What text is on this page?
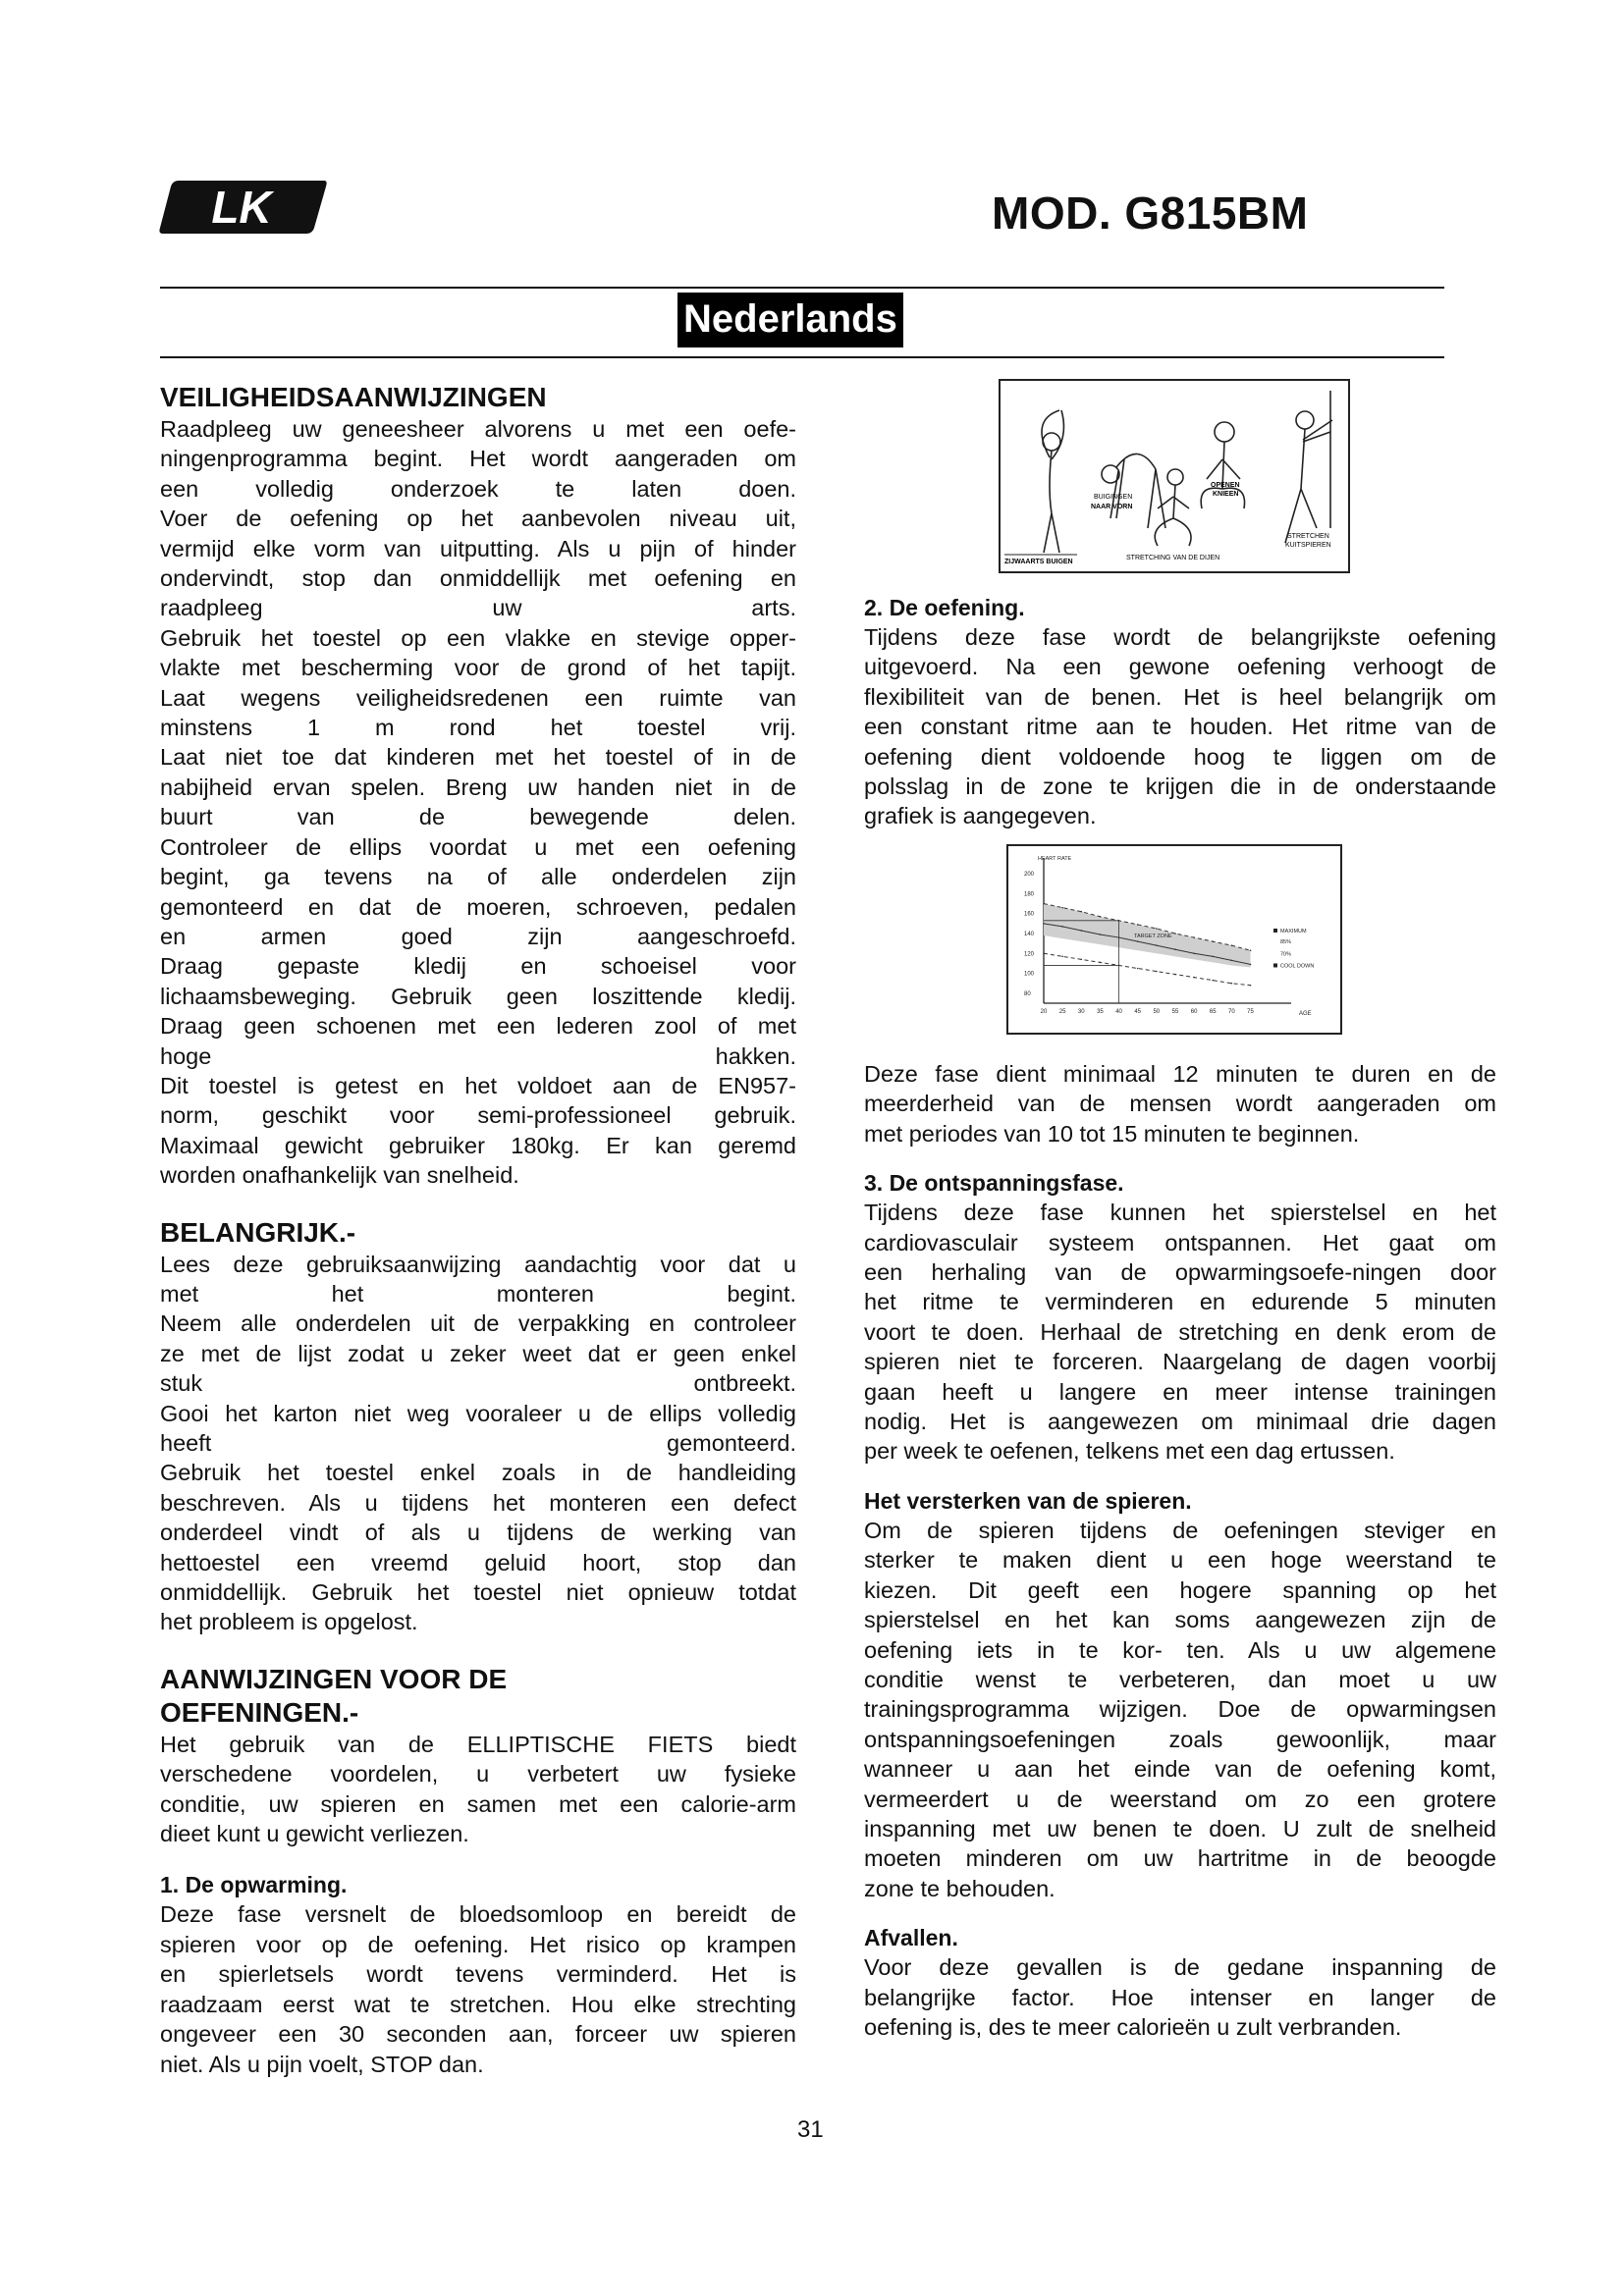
LK	MOD. G815BM
Nederlands

VEILIGHEIDSAANWIJZINGEN

Raadpleeg uw geneesheer alvorens u met een oefe-

ningenprogramma begint. Het wordt aangeraden om

een volledig onderzoek te laten doen.

Voer de oefening op het aanbevolen niveau uit,

vermijd elke vorm van uitputting. Als u pijn of hinder

ondervindt, stop dan onmiddellijk met oefening en

raadpleeg uw arts.

Gebruik het toestel op een vlakke en stevige opper-

vlakte met bescherming voor de grond of het tapijt.

Laat wegens veiligheidsredenen een ruimte van

minstens 1 m rond het toestel vrij.

Laat niet toe dat kinderen met het toestel of in de

nabijheid ervan spelen. Breng uw handen niet in de

buurt van de bewegende delen.

Controleer de ellips voordat u met een oefening

begint, ga tevens na of alle onderdelen zijn

gemonteerd en dat de moeren, schroeven, pedalen

en armen goed zijn aangeschroefd.

Draag gepaste kledij en schoeisel voor

lichaamsbeweging. Gebruik geen loszittende kledij.

Draag geen schoenen met een lederen zool of met

hoge hakken.

Dit toestel is getest en het voldoet aan de EN957-

norm, geschikt voor semi-professioneel gebruik.

Maximaal gewicht gebruiker 180kg. Er kan geremd

worden onafhankelijk van snelheid.

BELANGRIJK.-

Lees deze gebruiksaanwijzing aandachtig voor dat u

met het monteren begint.

Neem alle onderdelen uit de verpakking en controleer

ze met de lijst zodat u zeker weet dat er geen enkel

stuk ontbreekt.

Gooi het karton niet weg vooraleer u de ellips volledig

heeft gemonteerd.

Gebruik het toestel enkel zoals in de handleiding

beschreven. Als u tijdens het monteren een defect

onderdeel vindt of als u tijdens de werking van

hettoestel een vreemd geluid hoort, stop dan

onmiddellijk. Gebruik het toestel niet opnieuw totdat

het probleem is opgelost.

AANWIJZINGEN VOOR DE

OEFENINGEN.-

Het gebruik van de ELLIPTISCHE FIETS biedt

verschedene voordelen, u verbetert uw fysieke

conditie, uw spieren en samen met een calorie-arm

dieet kunt u gewicht verliezen.

1. De opwarming.

Deze fase versnelt de bloedsomloop en bereidt de

spieren voor op de oefening. Het risico op krampen

en spierletsels wordt tevens verminderd. Het is

raadzaam eerst wat te stretchen. Hou elke strechting

ongeveer een 30 seconden aan, forceer uw spieren

niet. Als u pijn voelt, STOP dan.

BUIGINGEN
NAAR VORN
OPENEN
KNIEEN
STRETCHEN
KUITSPIEREN
ZIJWAARTS BUIGEN
STRETCHING VAN DE DIJEN

2. De oefening.

Tijdens deze fase wordt de belangrijkste oefening

uitgevoerd. Na een gewone oefening verhoogt de

flexibiliteit van de benen. Het is heel belangrijk om

een constant ritme aan te houden. Het ritme van de

oefening dient voldoende hoog te liggen om de

polsslag in de zone te krijgen die in de onderstaande

grafiek is aangegeven.

HEART RATE
200
180
160
140
120
100
80
20 25 30 35 40 45 50 55 60 65 70 75	AGE
TARGET ZONE
MAXIMUM
85%
70%
COOL DOWN

Deze fase dient minimaal 12 minuten te duren en de

meerderheid van de mensen wordt aangeraden om

met periodes van 10 tot 15 minuten te beginnen.

3. De ontspanningsfase.

Tijdens deze fase kunnen het spierstelsel en het

cardiovasculair systeem ontspannen. Het gaat om

een herhaling van de opwarmingsoefe-ningen door

het ritme te verminderen en edurende 5 minuten

voort te doen. Herhaal de stretching en denk erom de

spieren niet te forceren. Naargelang de dagen voorbij

gaan heeft u langere en meer intense trainingen

nodig. Het is aangewezen om minimaal drie dagen

per week te oefenen, telkens met een dag ertussen.

Het versterken van de spieren.

Om de spieren tijdens de oefeningen steviger en

sterker te maken dient u een hoge weerstand te

kiezen. Dit geeft een hogere spanning op het

spierstelsel en het kan soms aangewezen zijn de

oefening iets in te kor- ten. Als u uw algemene

conditie wenst te verbeteren, dan moet u uw

trainingsprogramma wijzigen. Doe de opwarmingsen

ontspanningsoefeningen zoals gewoonlijk, maar

wanneer u aan het einde van de oefening komt,

vermeerdert u de weerstand om zo een grotere

inspanning met uw benen te doen. U zult de snelheid

moeten minderen om uw hartritme in de beoogde

zone te behouden.

Afvallen.

Voor deze gevallen is de gedane inspanning de

belangrijke factor. Hoe intenser en langer de

oefening is, des te meer calorieën u zult verbranden.

31
